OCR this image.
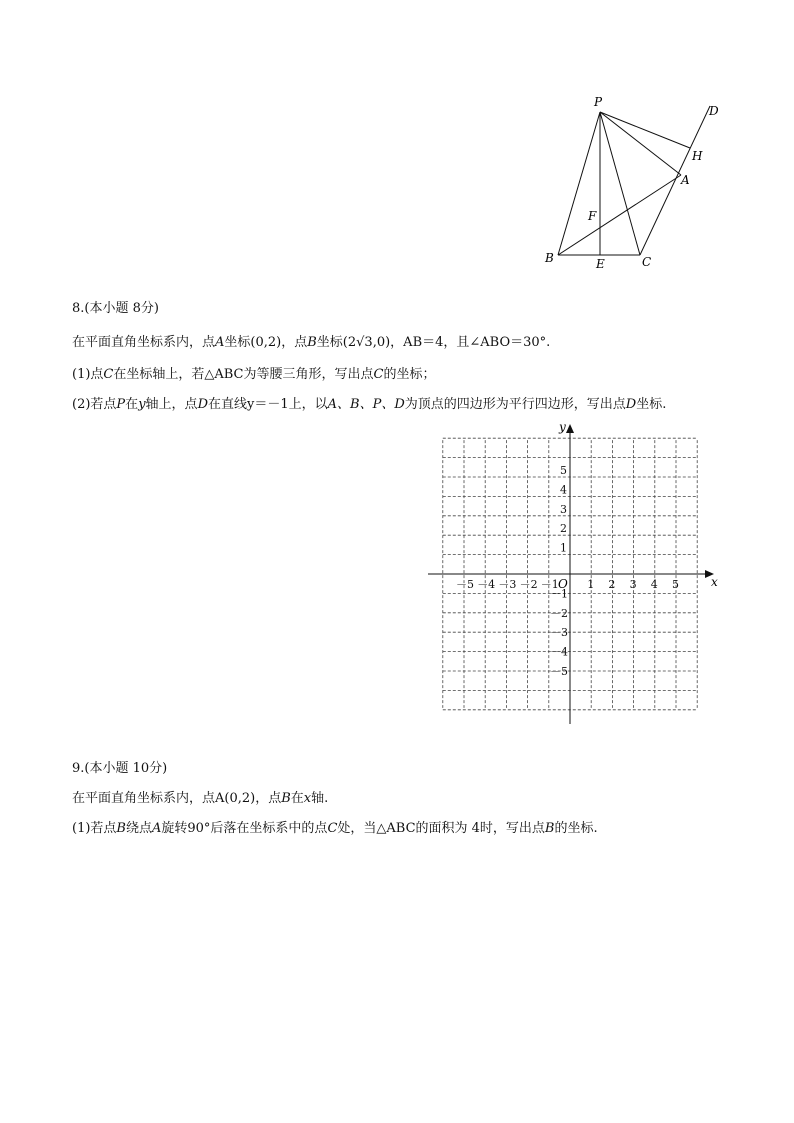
P
D
H
A
F
B	E	C
8.(本小题 8分)
在平面直角坐标系内，点A坐标(0,2)，点B坐标(2√3,0)，AB＝4，且∠ABO＝30°.
(1)点C在坐标轴上，若△ABC为等腰三角形，写出点C的坐标；
(2)若点P在y轴上，点D在直线y＝－1上，以A、B、P、D为顶点的四边形为平行四边形，写出点D坐标.
－5 －4 －3 －2 －1	1 2 3 4 5
5
4
3
2
1
－1
－2
－3
－4
－5
x
y
O
9.(本小题 10分)
在平面直角坐标系内，点A(0,2)，点B在x轴.
(1)若点B绕点A旋转90°后落在坐标系中的点C处，当△ABC的面积为 4时，写出点B的坐标.
